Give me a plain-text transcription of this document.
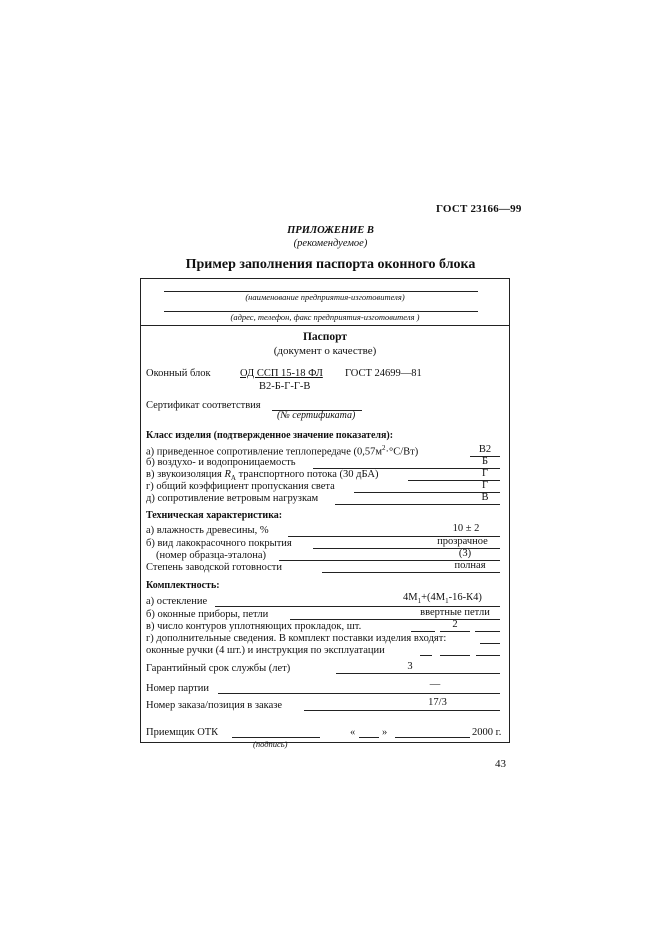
ГОСТ 23166—99
ПРИЛОЖЕНИЕ В
(рекомендуемое)
Пример заполнения паспорта оконного блока
(наименование предприятия-изготовителя)
(адрес, телефон, факс предприятия-изготовителя )
Паспорт
(документ о качестве)
Оконный блок	ОД ССП 15-18 ФЛ ГОСТ 24699—81
В2-Б-Г-Г-В
Сертификат соответствия
(№ сертификата)
Класс изделия (подтвержденное значение показателя):
а) приведенное сопротивление теплопередаче $(0,57м^2\cdot^\circ С/Вт)$	В2
б) воздухо- и водопроницаемость	Б
в) звукоизоляция $R_A$ транспортного потока (30 дБА)	Г
г) общий коэффициент пропускания света	Г
д) сопротивление ветровым нагрузкам	В
Техническая характеристика:
а) влажность древесины, %	10 ± 2
б) вид лакокрасочного покрытия	прозрачное
(номер образца-эталона)	(3)
Степень заводской готовности	полная
Комплектность:
а) остекление	$4М_1+(4М_1-16-К4)$
б) оконные приборы, петли	ввертные петли
в) число контуров уплотняющих прокладок, шт.	2
г) дополнительные сведения. В комплект поставки изделия входят:
оконные ручки (4 шт.) и инструкция по эксплуатации
Гарантийный срок службы (лет)	3
Номер партии	—
Номер заказа/позиция в заказе	17/3
Приемщик ОТК	«	»	2000 г.
(подпись)
43
